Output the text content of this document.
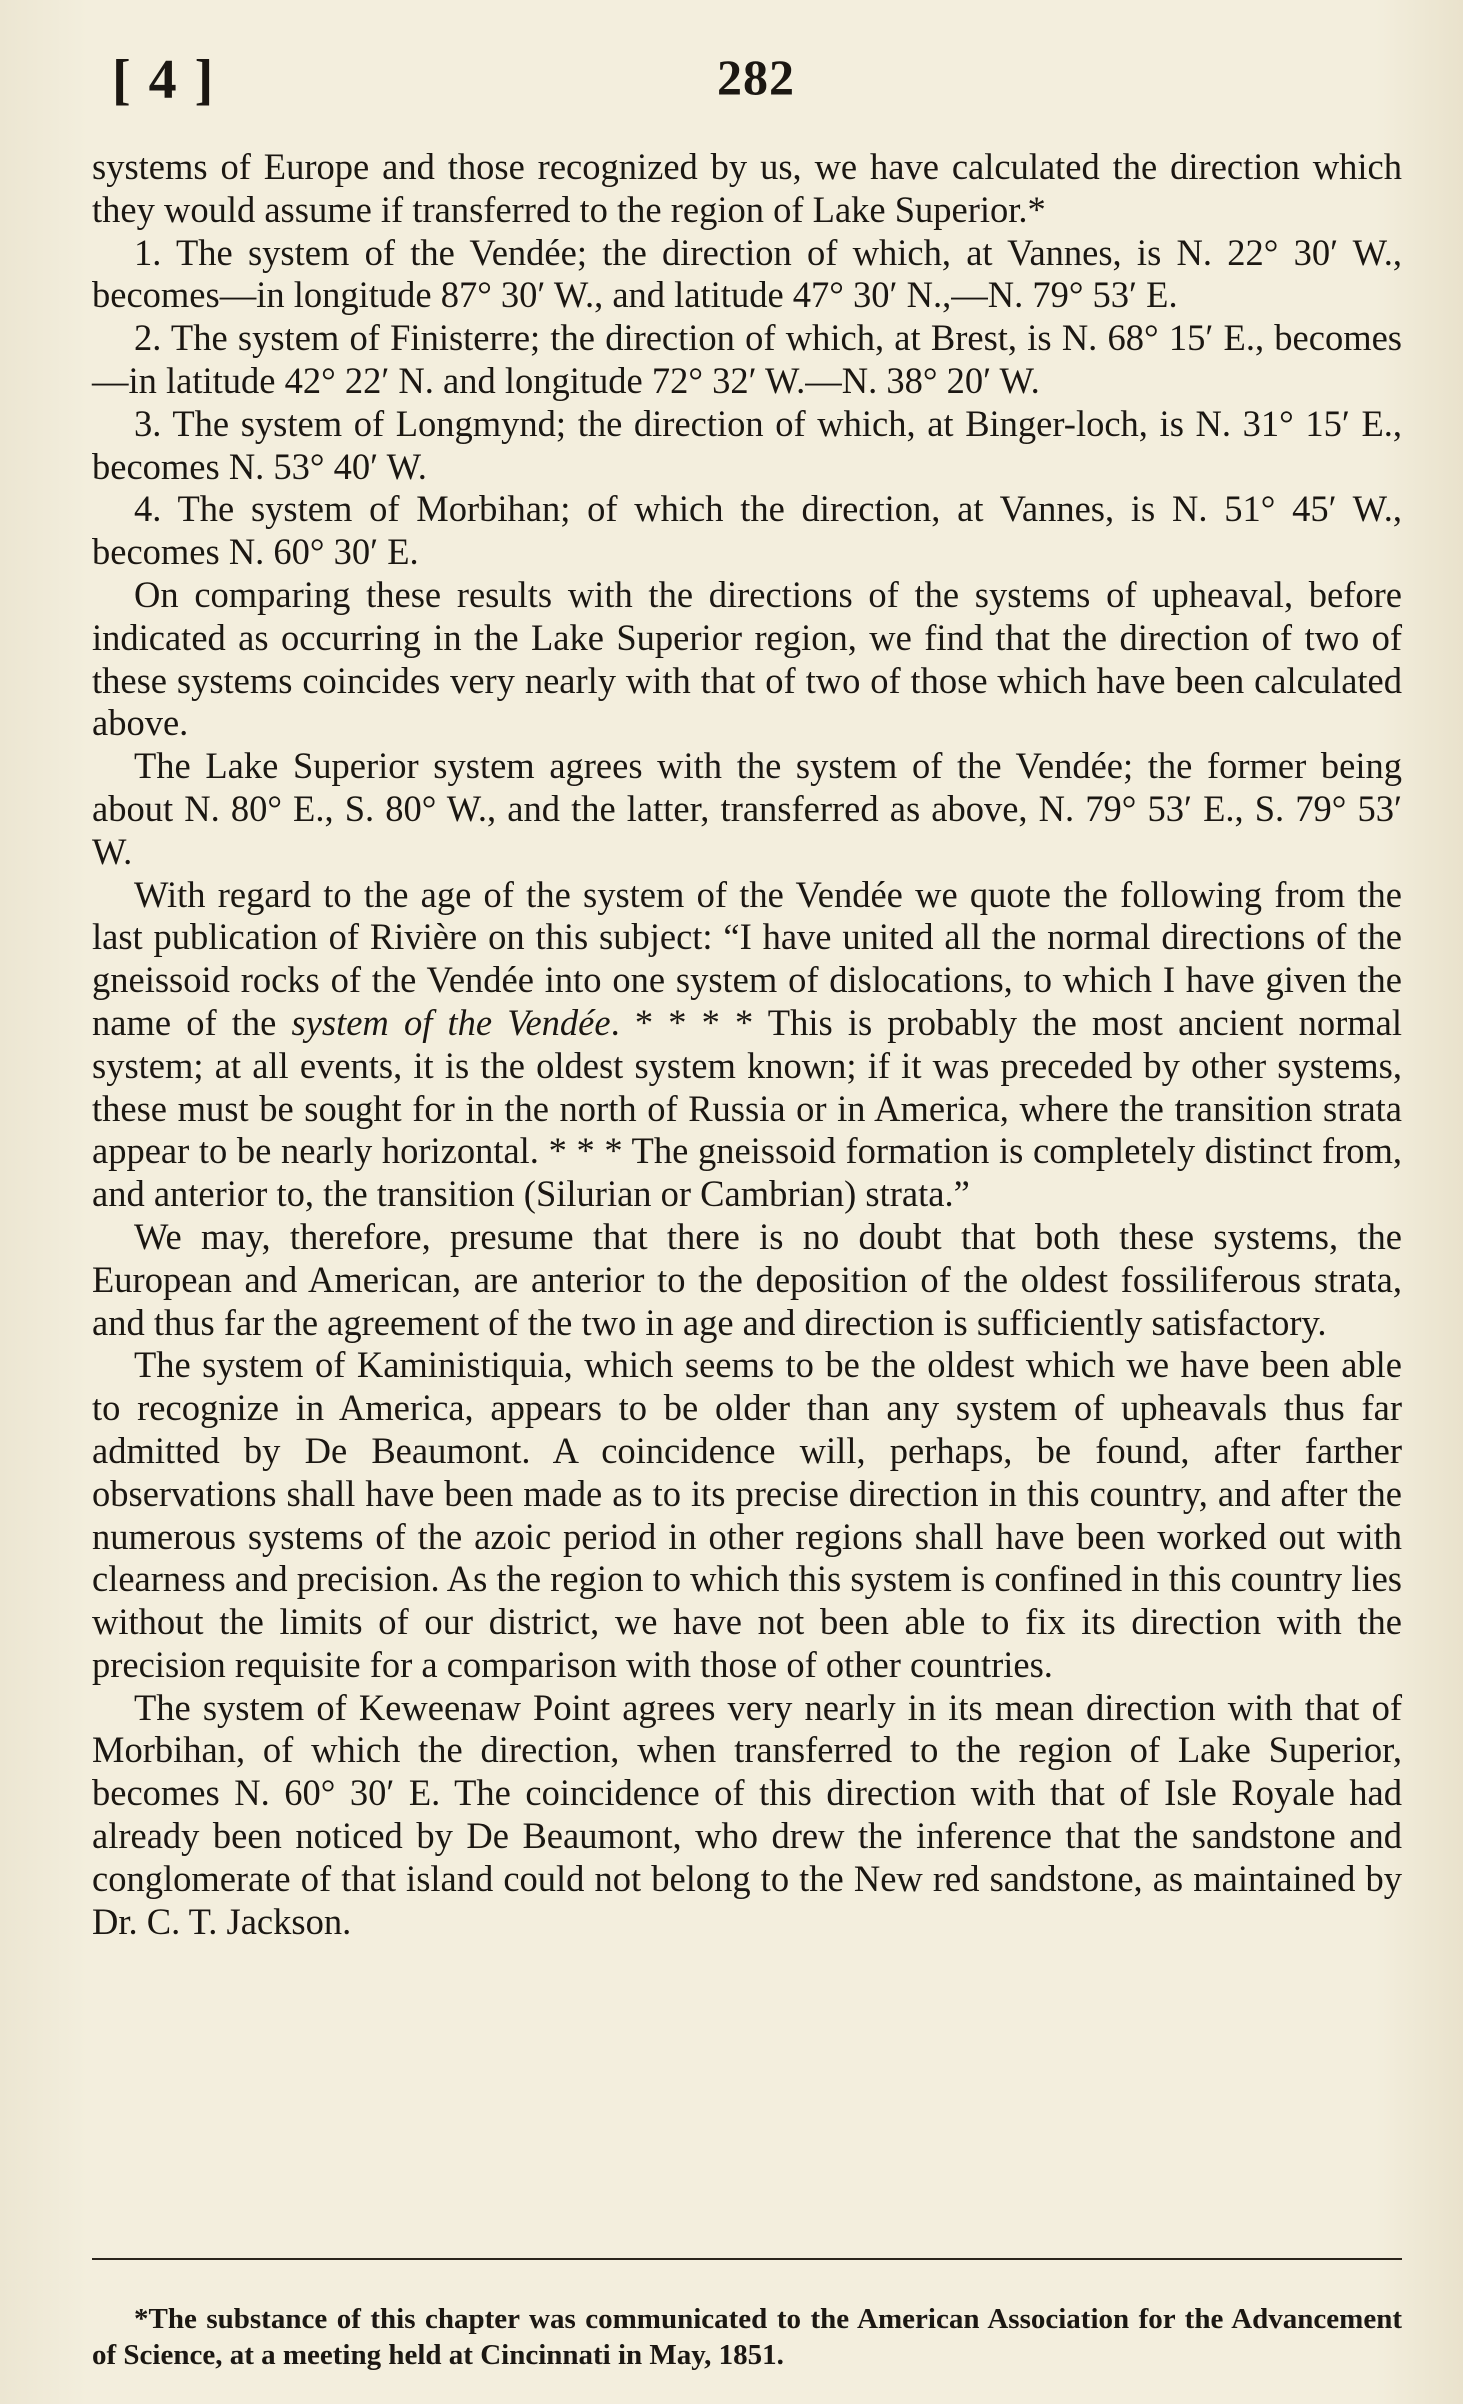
[ 4 ]	282

systems of Europe and those recognized by us, we have calculated the direction which they would assume if transferred to the region of Lake Superior.*

1. The system of the Vendée; the direction of which, at Vannes, is N. 22° 30′ W., becomes—in longitude 87° 30′ W., and latitude 47° 30′ N.,—N. 79° 53′ E.

2. The system of Finisterre; the direction of which, at Brest, is N. 68° 15′ E., becomes—in latitude 42° 22′ N. and longitude 72° 32′ W.—N. 38° 20′ W.

3. The system of Longmynd; the direction of which, at Binger-loch, is N. 31° 15′ E., becomes N. 53° 40′ W.

4. The system of Morbihan; of which the direction, at Vannes, is N. 51° 45′ W., becomes N. 60° 30′ E.

On comparing these results with the directions of the systems of upheaval, before indicated as occurring in the Lake Superior region, we find that the direction of two of these systems coincides very nearly with that of two of those which have been calculated above.

The Lake Superior system agrees with the system of the Vendée; the former being about N. 80° E., S. 80° W., and the latter, transferred as above, N. 79° 53′ E., S. 79° 53′ W.

With regard to the age of the system of the Vendée we quote the following from the last publication of Rivière on this subject: “I have united all the normal directions of the gneissoid rocks of the Vendée into one system of dislocations, to which I have given the name of the system of the Vendée. * * * * This is probably the most ancient normal system; at all events, it is the oldest system known; if it was preceded by other systems, these must be sought for in the north of Russia or in America, where the transition strata appear to be nearly horizontal. * * * The gneissoid formation is completely distinct from, and anterior to, the transition (Silurian or Cambrian) strata.”

We may, therefore, presume that there is no doubt that both these systems, the European and American, are anterior to the deposition of the oldest fossiliferous strata, and thus far the agreement of the two in age and direction is sufficiently satisfactory.

The system of Kaministiquia, which seems to be the oldest which we have been able to recognize in America, appears to be older than any system of upheavals thus far admitted by De Beaumont. A coincidence will, perhaps, be found, after farther observations shall have been made as to its precise direction in this country, and after the numerous systems of the azoic period in other regions shall have been worked out with clearness and precision. As the region to which this system is confined in this country lies without the limits of our district, we have not been able to fix its direction with the precision requisite for a comparison with those of other countries.

The system of Keweenaw Point agrees very nearly in its mean direction with that of Morbihan, of which the direction, when transferred to the region of Lake Superior, becomes N. 60° 30′ E. The coincidence of this direction with that of Isle Royale had already been noticed by De Beaumont, who drew the inference that the sandstone and conglomerate of that island could not belong to the New red sandstone, as maintained by Dr. C. T. Jackson.

*The substance of this chapter was communicated to the American Association for the Advancement of Science, at a meeting held at Cincinnati in May, 1851.
